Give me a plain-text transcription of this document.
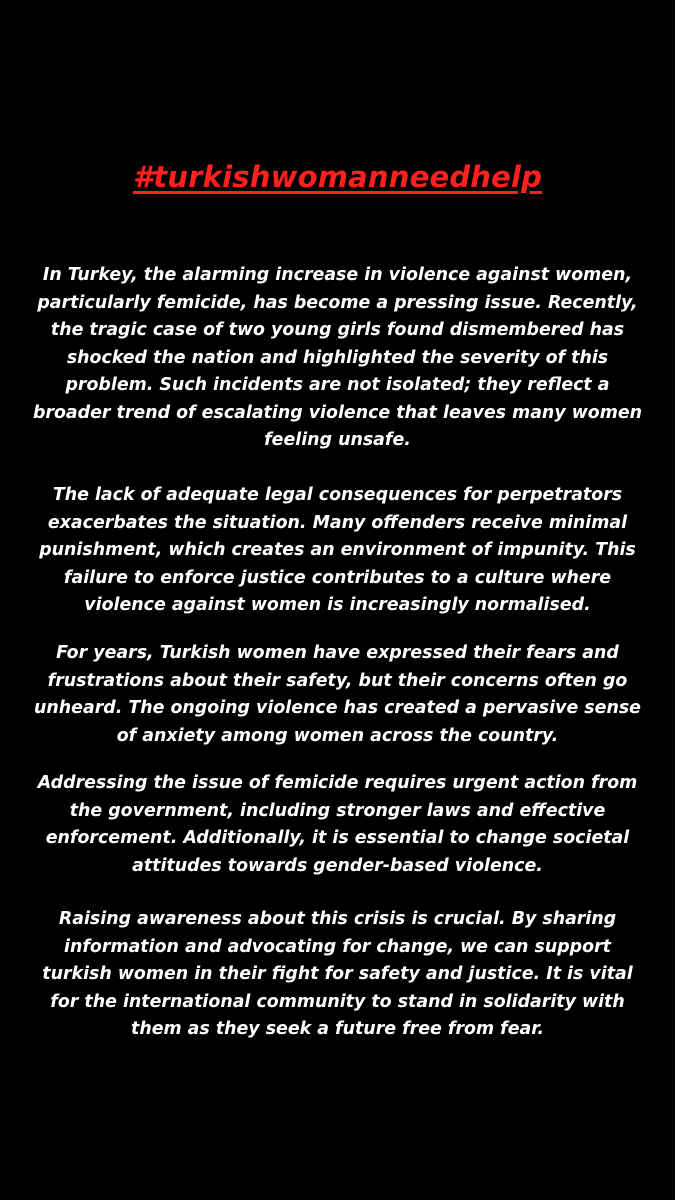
#turkishwomanneedhelp

In Turkey, the alarming increase in violence against women, particularly femicide, has become a pressing issue. Recently, the tragic case of two young girls found dismembered has shocked the nation and highlighted the severity of this problem. Such incidents are not isolated; they reflect a broader trend of escalating violence that leaves many women feeling unsafe.

The lack of adequate legal consequences for perpetrators exacerbates the situation. Many offenders receive minimal punishment, which creates an environment of impunity. This failure to enforce justice contributes to a culture where violence against women is increasingly normalised.

For years, Turkish women have expressed their fears and frustrations about their safety, but their concerns often go unheard. The ongoing violence has created a pervasive sense of anxiety among women across the country.

Addressing the issue of femicide requires urgent action from the government, including stronger laws and effective enforcement. Additionally, it is essential to change societal attitudes towards gender-based violence.

Raising awareness about this crisis is crucial. By sharing information and advocating for change, we can support turkish women in their fight for safety and justice. It is vital for the international community to stand in solidarity with them as they seek a future free from fear.
